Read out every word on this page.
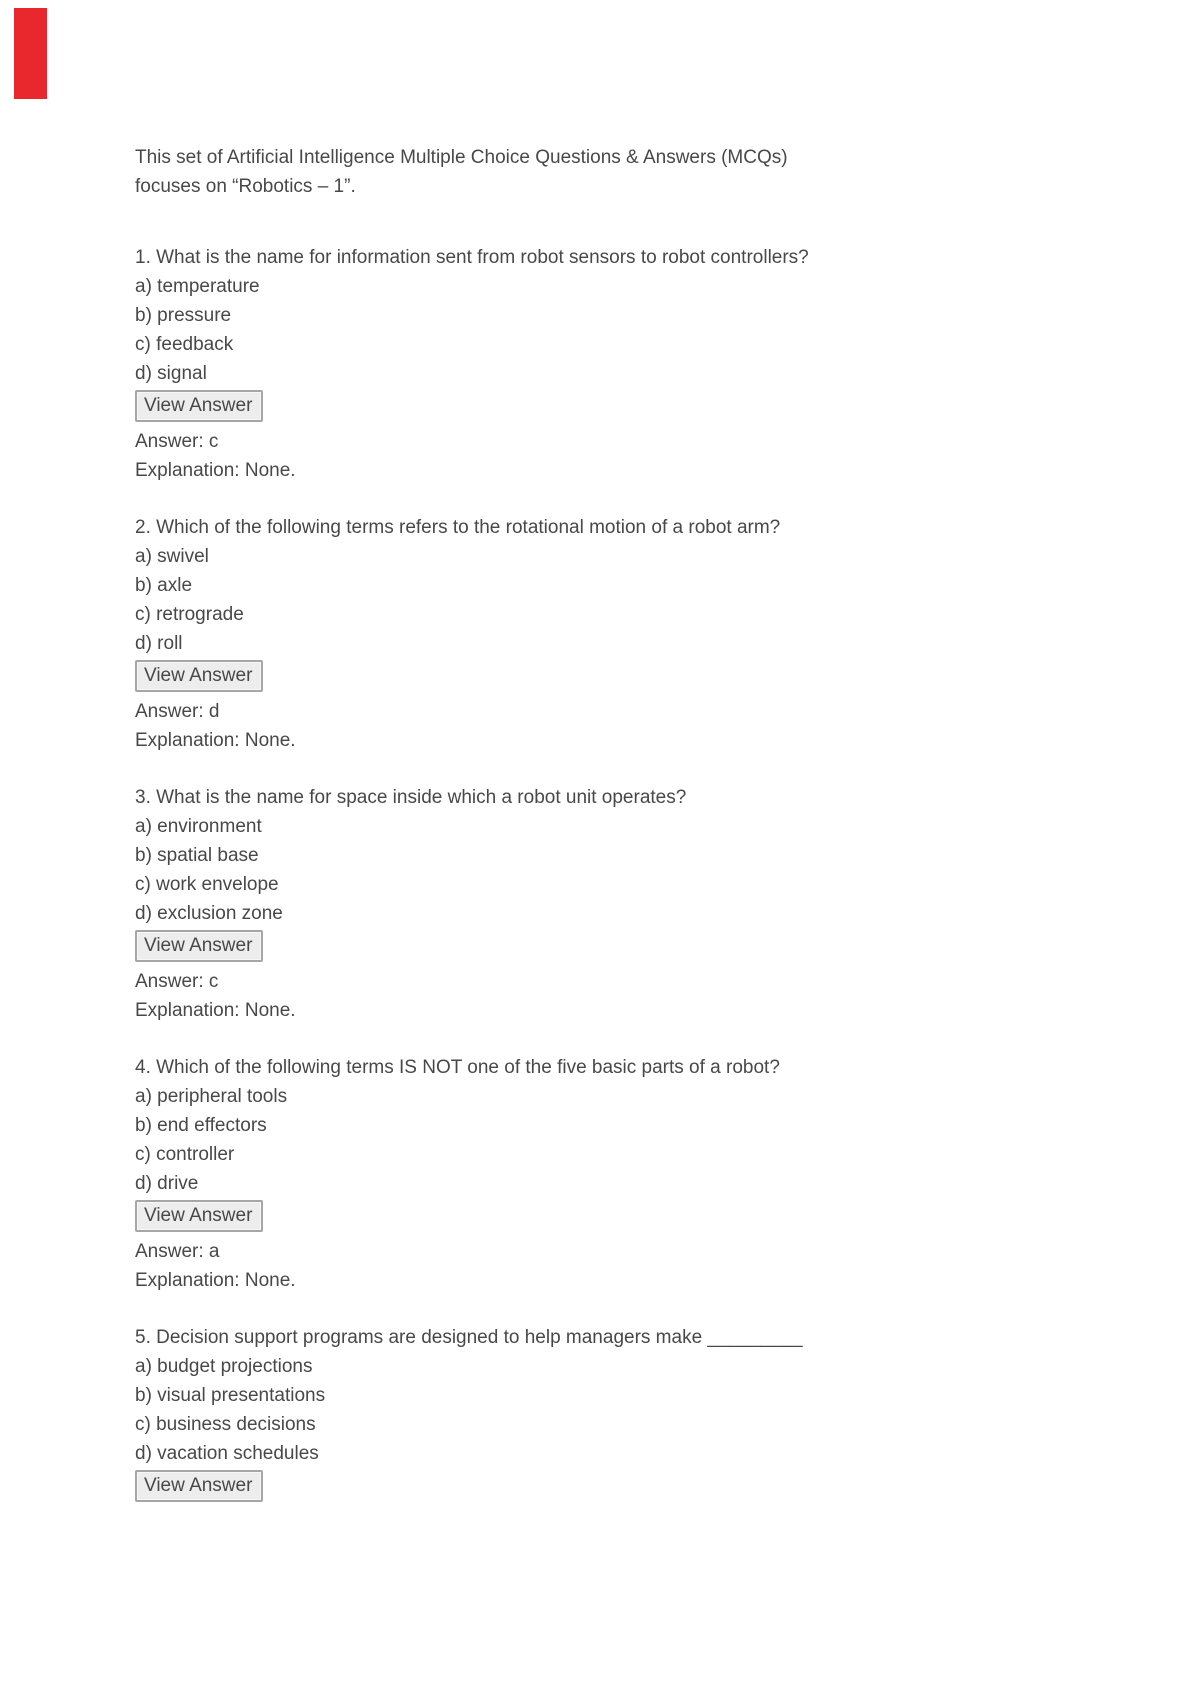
This set of Artificial Intelligence Multiple Choice Questions & Answers (MCQs)
focuses on “Robotics – 1”.
1. What is the name for information sent from robot sensors to robot controllers?
a) temperature
b) pressure
c) feedback
d) signal
View Answer
Answer: c
Explanation: None.
2. Which of the following terms refers to the rotational motion of a robot arm?
a) swivel
b) axle
c) retrograde
d) roll
View Answer
Answer: d
Explanation: None.
3. What is the name for space inside which a robot unit operates?
a) environment
b) spatial base
c) work envelope
d) exclusion zone
View Answer
Answer: c
Explanation: None.
4. Which of the following terms IS NOT one of the five basic parts of a robot?
a) peripheral tools
b) end effectors
c) controller
d) drive
View Answer
Answer: a
Explanation: None.
5. Decision support programs are designed to help managers make _________
a) budget projections
b) visual presentations
c) business decisions
d) vacation schedules
View Answer
